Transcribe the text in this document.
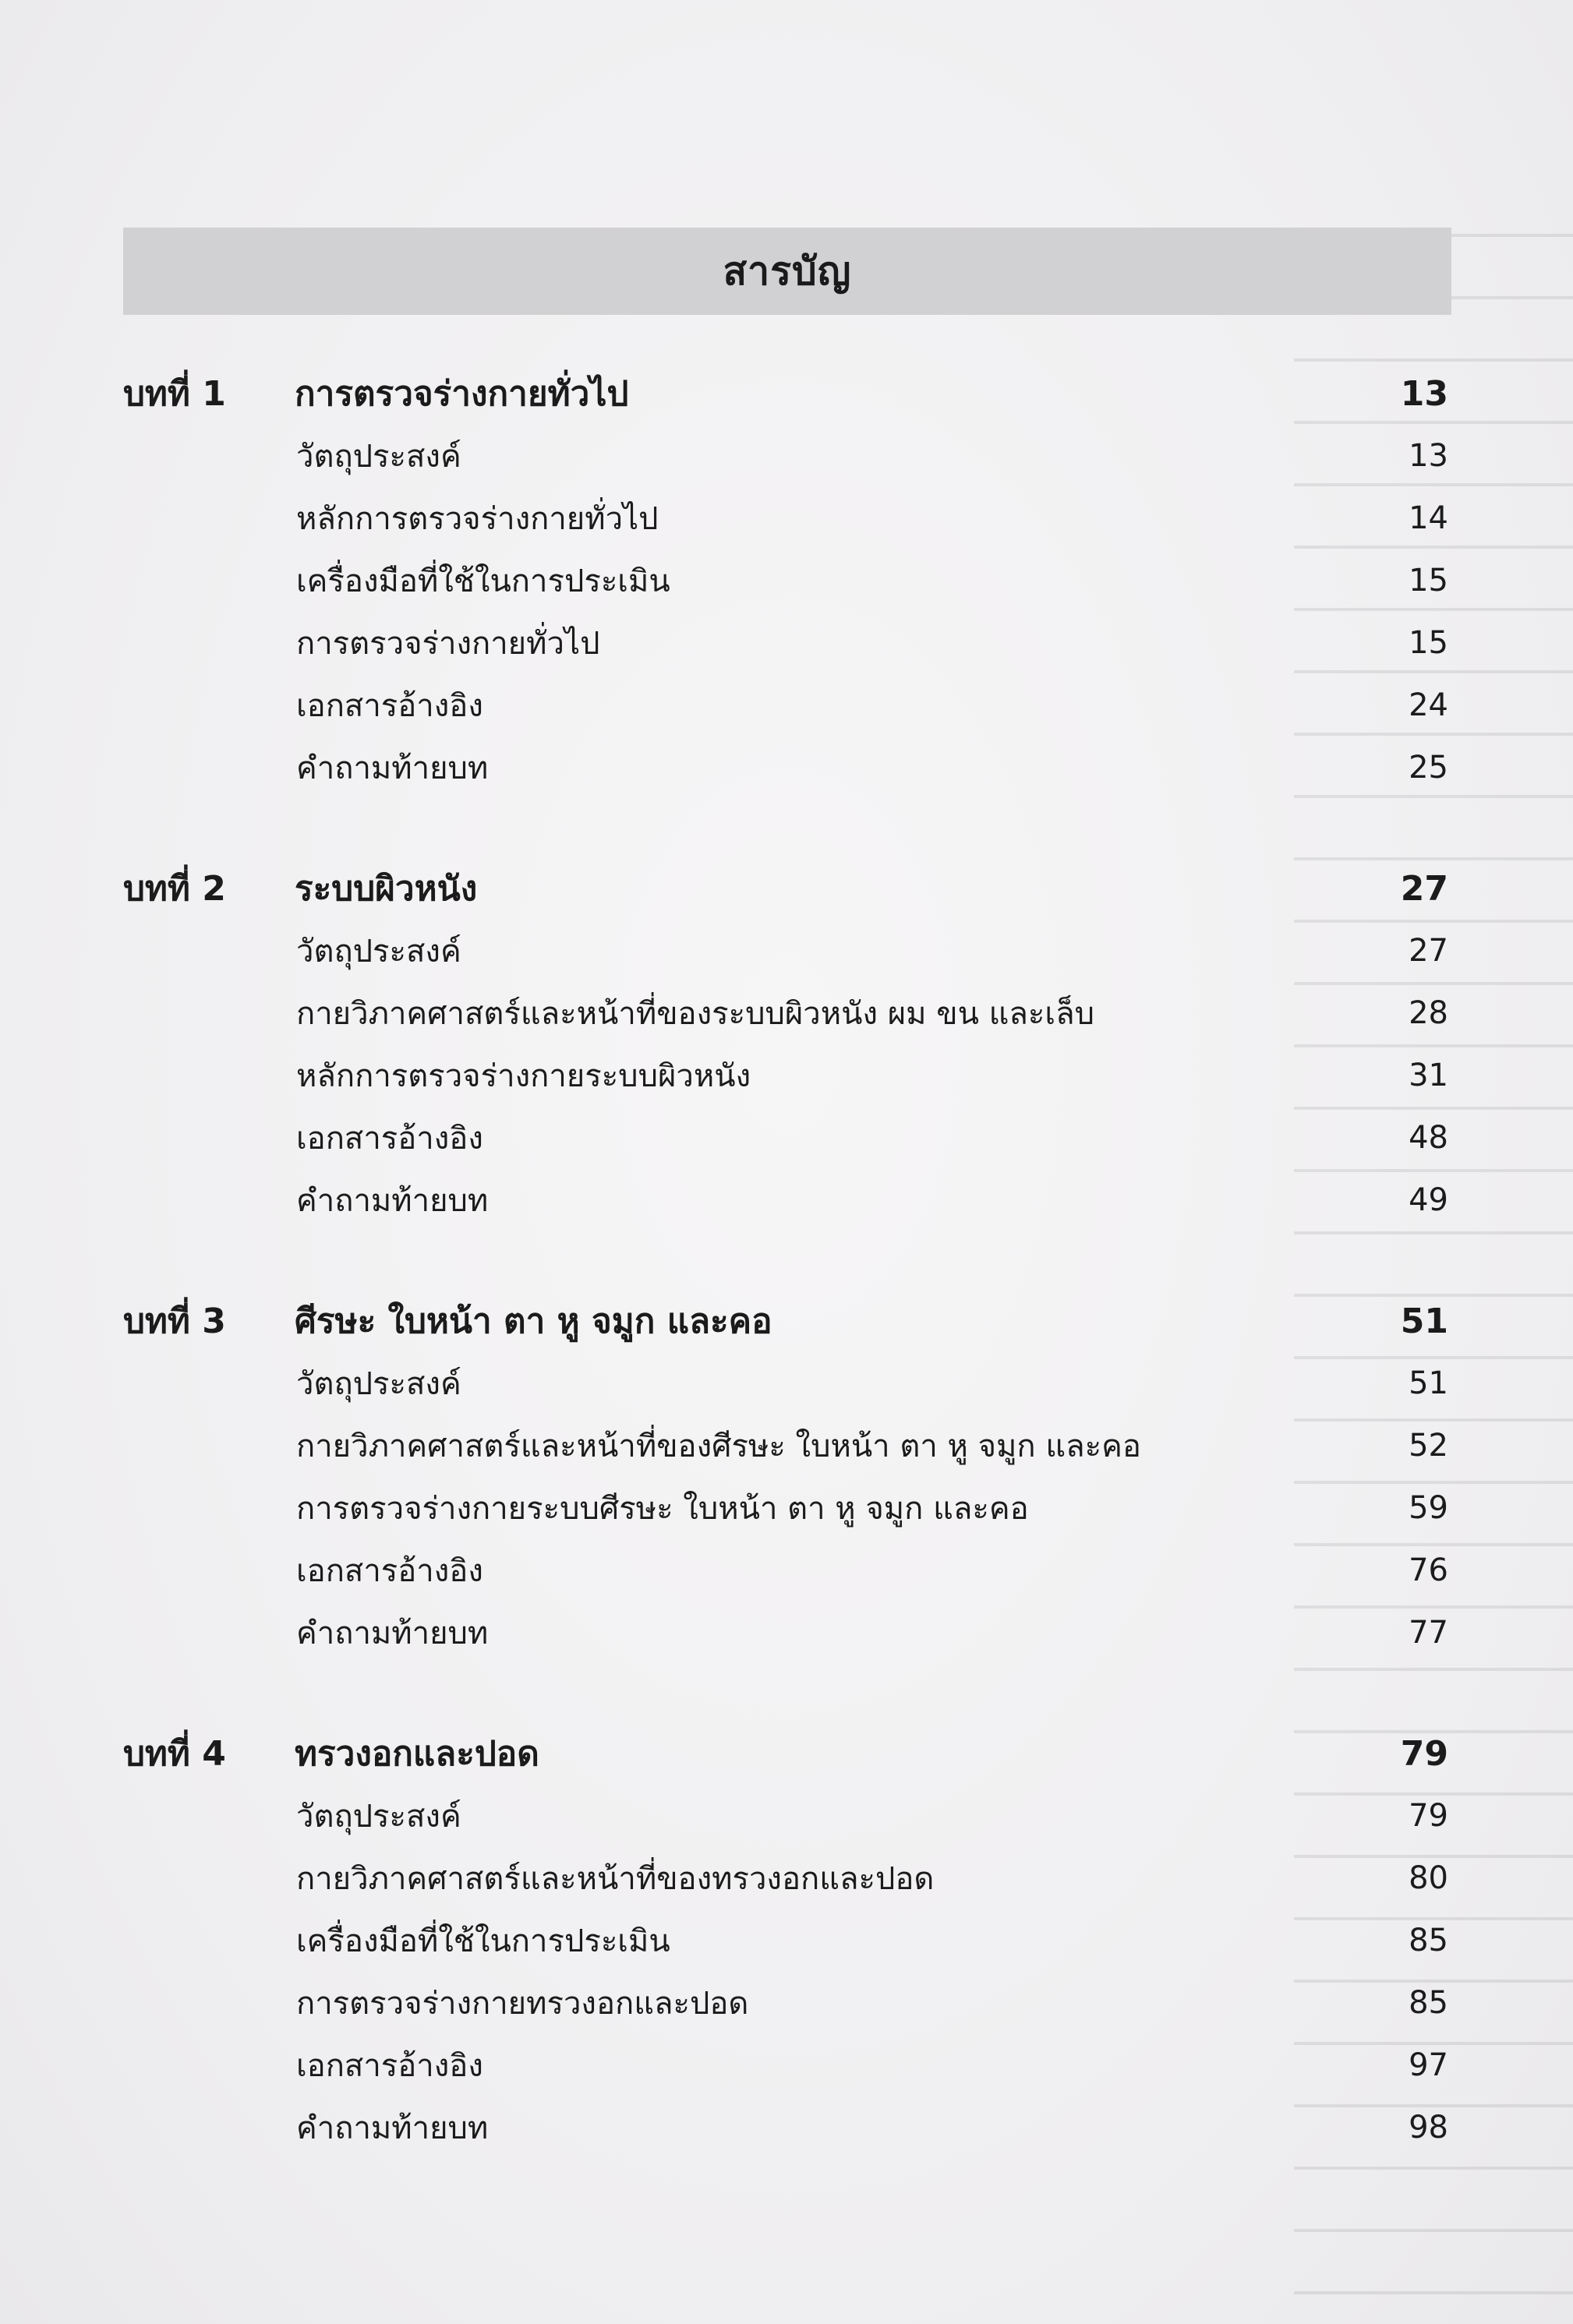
สารบัญ
บทที่ 1 การตรวจร่างกายทั่วไป	13
วัตถุประสงค์	13
หลักการตรวจร่างกายทั่วไป	14
เครื่องมือที่ใช้ในการประเมิน	15
การตรวจร่างกายทั่วไป	15
เอกสารอ้างอิง	24
คำถามท้ายบท	25
บทที่ 2 ระบบผิวหนัง	27
วัตถุประสงค์	27
กายวิภาคศาสตร์และหน้าที่ของระบบผิวหนัง ผม ขน และเล็บ	28
หลักการตรวจร่างกายระบบผิวหนัง	31
เอกสารอ้างอิง	48
คำถามท้ายบท	49
บทที่ 3 ศีรษะ ใบหน้า ตา หู จมูก และคอ	51
วัตถุประสงค์	51
กายวิภาคศาสตร์และหน้าที่ของศีรษะ ใบหน้า ตา หู จมูก และคอ	52
การตรวจร่างกายระบบศีรษะ ใบหน้า ตา หู จมูก และคอ	59
เอกสารอ้างอิง	76
คำถามท้ายบท	77
บทที่ 4 ทรวงอกและปอด	79
วัตถุประสงค์	79
กายวิภาคศาสตร์และหน้าที่ของทรวงอกและปอด	80
เครื่องมือที่ใช้ในการประเมิน	85
การตรวจร่างกายทรวงอกและปอด	85
เอกสารอ้างอิง	97
คำถามท้ายบท	98
